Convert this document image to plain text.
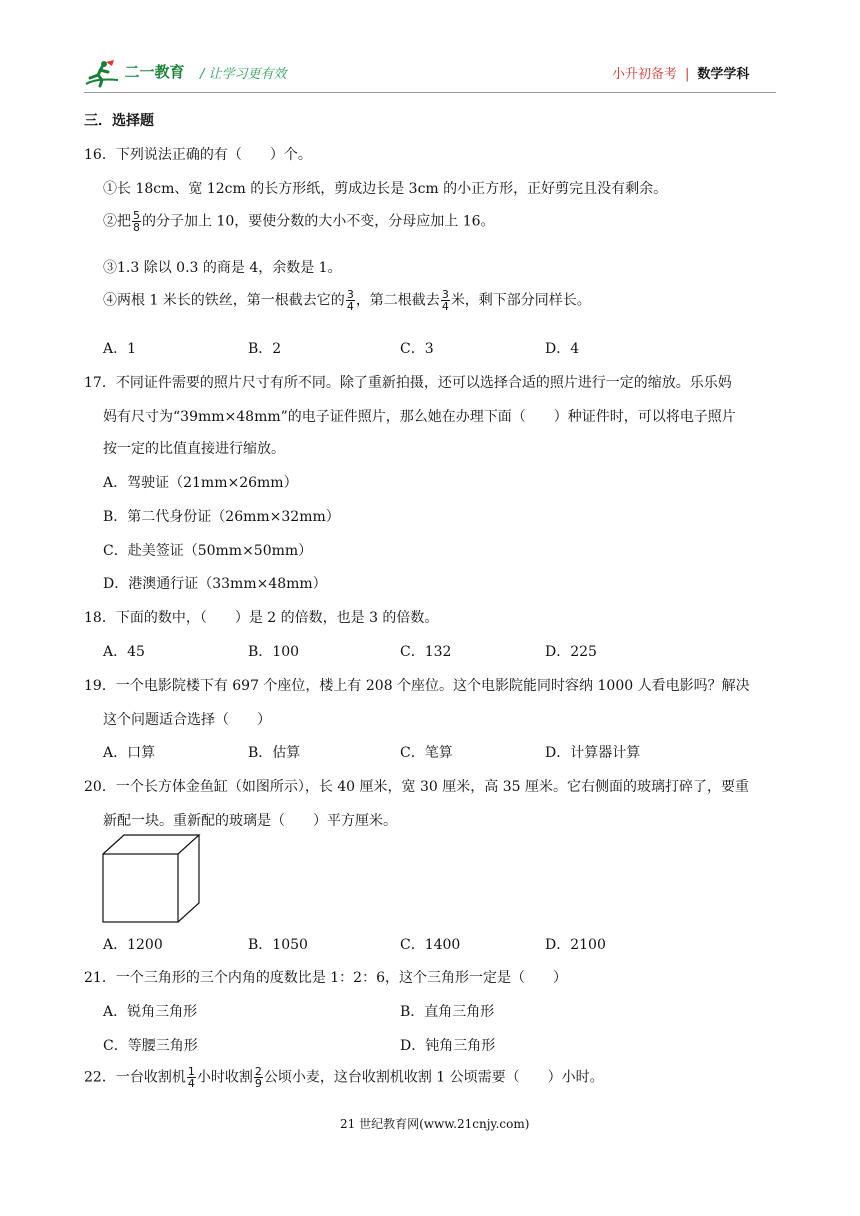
二一教育 / 让学习更有效	小升初备考 | 数学学科
三．选择题
16．下列说法正确的有（　　）个。
①长 18cm、宽 12cm 的长方形纸，剪成边长是 3cm 的小正方形，正好剪完且没有剩余。
②把 $\frac{5}{8}$ 的分子加上 10，要使分数的大小不变，分母应加上 16。
③1.3 除以 0.3 的商是 4，余数是 1。
④两根 1 米长的铁丝，第一根截去它的 $\frac{3}{4}$ ，第二根截去 $\frac{3}{4}$ 米，剩下部分同样长。
A．1	B．2	C．3	D．4
17．不同证件需要的照片尺寸有所不同。除了重新拍摄，还可以选择合适的照片进行一定的缩放。乐乐妈
妈有尺寸为“39mm×48mm”的电子证件照片，那么她在办理下面（　　）种证件时，可以将电子照片
按一定的比值直接进行缩放。
A．驾驶证（21mm×26mm）
B．第二代身份证（26mm×32mm）
C．赴美签证（50mm×50mm）
D．港澳通行证（33mm×48mm）
18．下面的数中，（　　）是 2 的倍数，也是 3 的倍数。
A．45	B．100	C．132	D．225
19．一个电影院楼下有 697 个座位，楼上有 208 个座位。这个电影院能同时容纳 1000 人看电影吗？解决
这个问题适合选择（　　）
A．口算	B．估算	C．笔算	D．计算器计算
20．一个长方体金鱼缸（如图所示），长 40 厘米，宽 30 厘米，高 35 厘米。它右侧面的玻璃打碎了，要重
新配一块。重新配的玻璃是（　　）平方厘米。
A．1200	B．1050	C．1400	D．2100
21．一个三角形的三个内角的度数比是 1：2：6，这个三角形一定是（　　）
A．锐角三角形	B．直角三角形
C．等腰三角形	D．钝角三角形
22．一台收割机 $\frac{1}{4}$ 小时收割 $\frac{2}{9}$ 公顷小麦，这台收割机收割 1 公顷需要（　　）小时。
21 世纪教育网(www.21cnjy.com)
